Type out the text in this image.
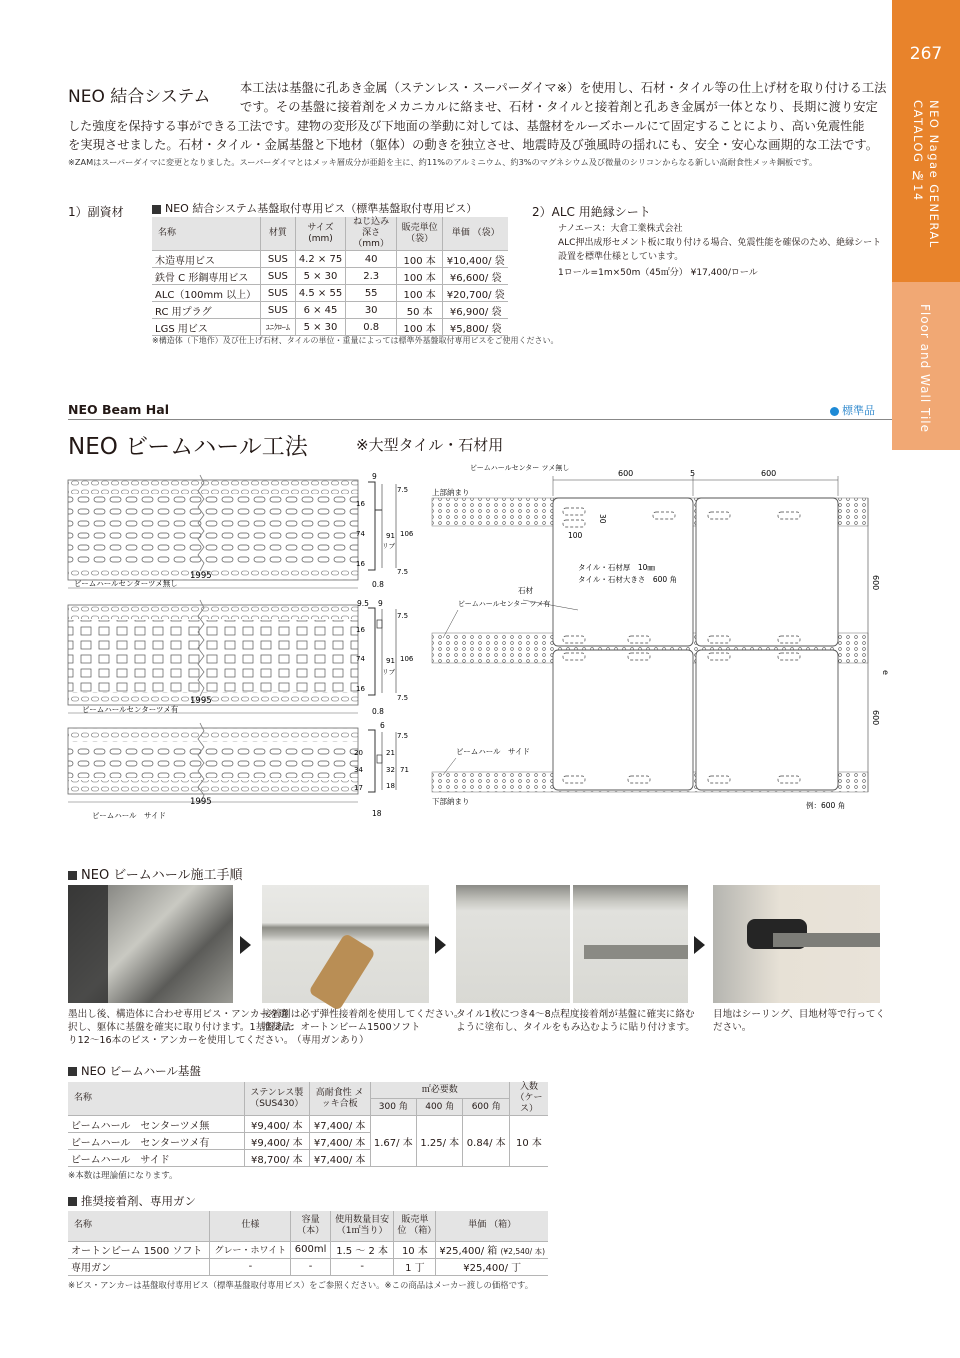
267
NEO Nagae GENERAL CATALOG №14
Floor and Wall Tile
NEO 結合システム 本工法は基盤に孔あき金属（ステンレス・スーパーダイマ※）を使用し、石材・タイル等の仕上げ材を取り付ける工法
です。その基盤に接着剤をメカニカルに絡ませ、石材・タイルと接着剤と孔あき金属が一体となり、長期に渡り安定
した強度を保持する事ができる工法です。建物の変形及び下地面の挙動に対しては、基盤材をルーズホールにて固定することにより、高い免震性能
を実現させました。石材・タイル・金属基盤と下地材（躯体）の動きを独立させ、地震時及び強風時の揺れにも、安全・安心な画期的な工法です。
※ZAMはスーパーダイマに変更となりました。スーパーダイマとはメッキ層成分が亜鉛を主に、約11%のアルミニウム、約3%のマグネシウム及び微量のシリコンからなる新しい高耐食性メッキ鋼板です。
1）副資材	NEO 結合システム基盤取付専用ビス（標準基盤取付専用ビス）
名称	材質	サイズ (mm)	ねじ込み 深さ（mm）	販売単位 （袋）	単価 （袋）
木造専用ビス	SUS	4.2 × 75	40	100 本	¥10,400/ 袋
鉄骨 C 形鋼専用ビス	SUS	5 × 30	2.3	100 本	¥6,600/ 袋
ALC（100mm 以上）	SUS	4.5 × 55	55	100 本	¥20,700/ 袋
RC 用プラグ	SUS	6 × 45	30	50 本	¥6,900/ 袋
LGS 用ビス	ﾕﾆｸﾛｰﾑ	5 × 30	0.8	100 本	¥5,800/ 袋
※構造体（下地作）及び仕上げ石材、タイルの単位・重量によっては標準外基盤取付専用ビスをご使用ください。
2）ALC 用絶縁シート
ナノエース：大倉工業株式会社
ALC押出成形セメント板に取り付ける場合、免震性能を確保のため、絶縁シート
設置を標準仕様としています。
1ロール=1m×50m（45㎡分） ¥17,400/ロール
NEO Beam Hal	標準品
NEO ビームハール工法	※大型タイル・石材用
1995
ビームハールセンターツメ無し
9
7.5
16
74
16
91 106
7.5
0.8
リブ
1995
ビームハールセンターツメ有
9.5 9
7.5
16
74
16
91 106
7.5
0.8
リブ
1995
ビームハール　サイド
6
7.5
20
34
17
21
32
18
71
18
600	5	600
600
600
e
30
100
ビームハールセンター ツメ無し
上部納まり
下部納まり
タイル・石材厚　10㎜
タイル・石材大きさ　600 角
石材
ビームハールセンター ツメ有
ビームハール　サイド
例：600 角
NEO ビームハール施工手順
墨出し後、構造体に合わせ専用ビス・アンカーを選
択し、躯体に基盤を確実に取り付けます。1基盤あた
り12～16本のビス・アンカーを使用してください。
接着剤は必ず弾性接着剤を使用してください。
推奨品：オートンビーム1500ソフト
（専用ガンあり）
タイル1枚につき4～8点程度接着剤が基盤に確実に絡む
ように塗布し、タイルをもみ込むように貼り付けます。
目地はシーリング、目地材等で行ってく
ださい。
NEO ビームハール基盤
名称	ステンレス製 （SUS430）	高耐食性 メッキ合板	㎡必要数			入数 （ケース）
			300 角	400 角	600 角	
ビームハール　センターツメ無	¥9,400/ 本	¥7,400/ 本	1.67/ 本	1.25/ 本	0.84/ 本	10 本
ビームハール　センターツメ有	¥9,400/ 本	¥7,400/ 本				
ビームハール　サイド	¥8,700/ 本	¥7,400/ 本				
※本数は理論値になります。
推奨接着剤、専用ガン
名称	仕様	容量 （本）	使用数量目安 （1㎡当り）	販売単位 （箱）	単価 （箱）
オートンビーム 1500 ソフト	グレー・ホワイト	600ml	1.5 ～ 2 本	10 本	¥25,400/ 箱 (¥2,540/ 本)
専用ガン	-	-	-	1 丁	¥25,400/ 丁
※ビス・アンカーは基盤取付専用ビス（標準基盤取付専用ビス）をご参照ください。※この商品はメーカー渡しの価格です。
